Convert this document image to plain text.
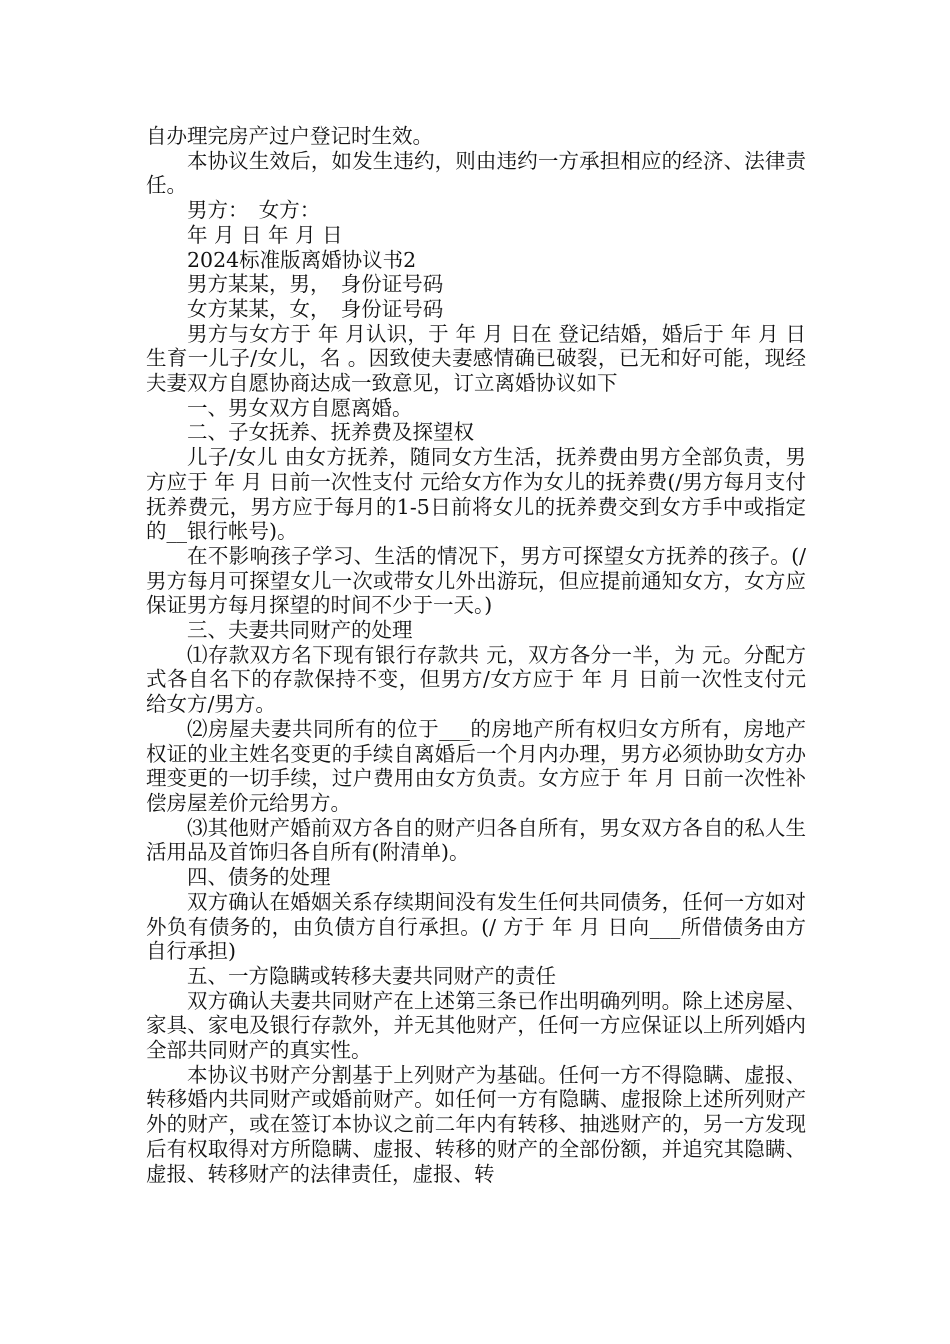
自办理完房产过户登记时生效。

本协议生效后，如发生违约，则由违约一方承担相应的经济、法律责任。

男方：　女方：

年 月 日 年 月 日

2024标准版离婚协议书2

男方某某，男，　身份证号码

女方某某，女，　身份证号码

男方与女方于 年 月认识，于 年 月 日在 登记结婚，婚后于 年 月 日生育一儿子/女儿，名 。因致使夫妻感情确已破裂，已无和好可能，现经夫妻双方自愿协商达成一致意见，订立离婚协议如下

一、男女双方自愿离婚。

二、子女抚养、抚养费及探望权

儿子/女儿 由女方抚养，随同女方生活，抚养费由男方全部负责，男方应于 年 月 日前一次性支付 元给女方作为女儿的抚养费(/男方每月支付抚养费元，男方应于每月的1-5日前将女儿的抚养费交到女方手中或指定的__银行帐号)。

在不影响孩子学习、生活的情况下，男方可探望女方抚养的孩子。(/男方每月可探望女儿一次或带女儿外出游玩，但应提前通知女方，女方应保证男方每月探望的时间不少于一天。)

三、夫妻共同财产的处理

⑴存款双方名下现有银行存款共 元，双方各分一半，为 元。分配方式各自名下的存款保持不变，但男方/女方应于 年 月 日前一次性支付元给女方/男方。

⑵房屋夫妻共同所有的位于___的房地产所有权归女方所有，房地产权证的业主姓名变更的手续自离婚后一个月内办理，男方必须协助女方办理变更的一切手续，过户费用由女方负责。女方应于 年 月 日前一次性补偿房屋差价元给男方。

⑶其他财产婚前双方各自的财产归各自所有，男女双方各自的私人生活用品及首饰归各自所有(附清单)。

四、债务的处理

双方确认在婚姻关系存续期间没有发生任何共同债务，任何一方如对外负有债务的，由负债方自行承担。(/ 方于 年 月 日向___所借债务由方自行承担)

五、一方隐瞒或转移夫妻共同财产的责任

双方确认夫妻共同财产在上述第三条已作出明确列明。除上述房屋、家具、家电及银行存款外，并无其他财产，任何一方应保证以上所列婚内全部共同财产的真实性。

本协议书财产分割基于上列财产为基础。任何一方不得隐瞒、虚报、转移婚内共同财产或婚前财产。如任何一方有隐瞒、虚报除上述所列财产外的财产，或在签订本协议之前二年内有转移、抽逃财产的，另一方发现后有权取得对方所隐瞒、虚报、转移的财产的全部份额，并追究其隐瞒、虚报、转移财产的法律责任，虚报、转
